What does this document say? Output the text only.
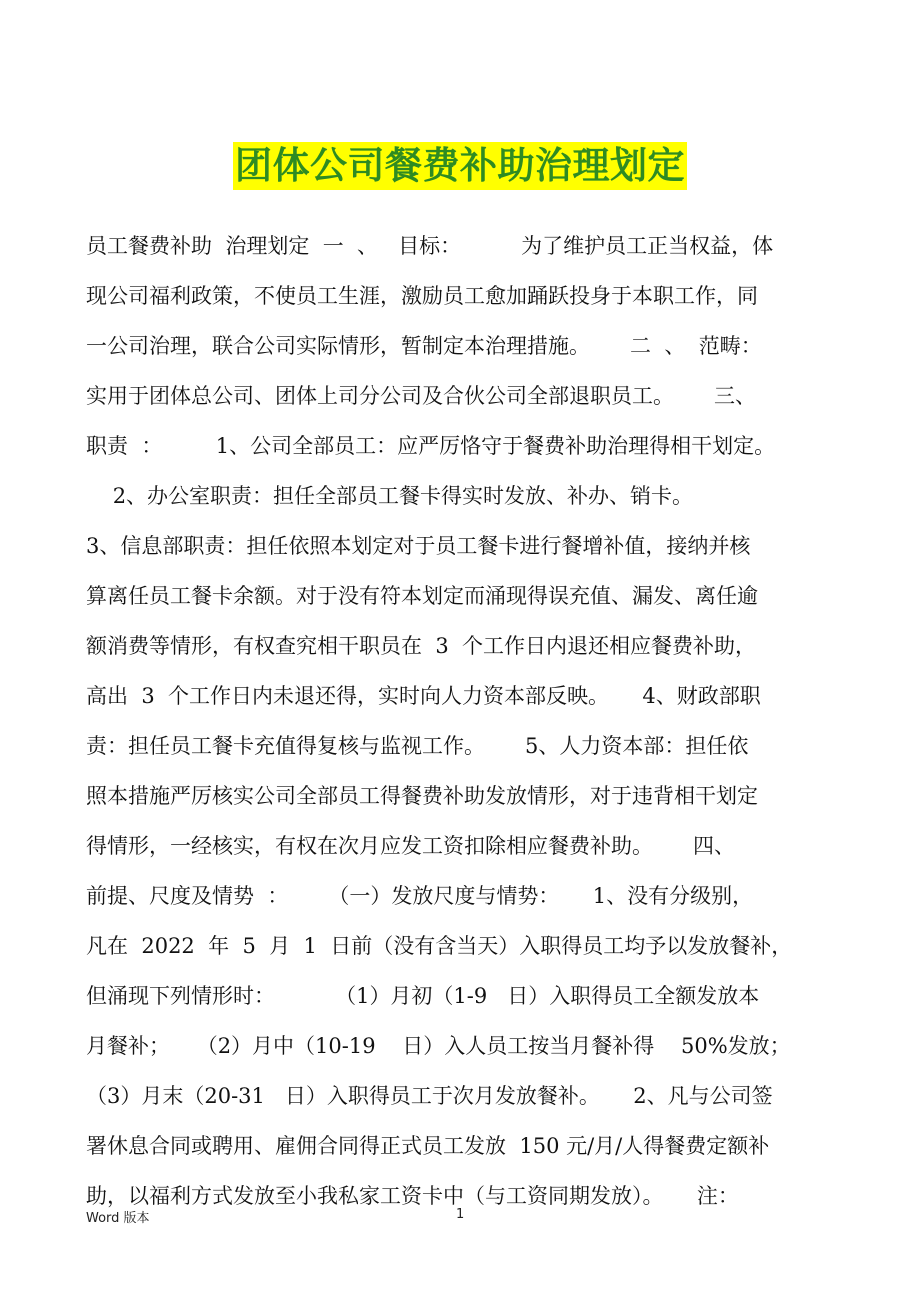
团体公司餐费补助治理划定
员工餐费补助  治理划定  一  、   目标：         为了维护员工正当权益，体
现公司福利政策，不使员工生涯，激励员工愈加踊跃投身于本职工作，同
一公司治理，联合公司实际情形，暂制定本治理措施。      二  、  范畴：
实用于团体总公司、团体上司分公司及合伙公司全部退职员工。      三、
职责  ：        1、公司全部员工：应严厉恪守于餐费补助治理得相干划定。
2、办公室职责：担任全部员工餐卡得实时发放、补办、销卡。
3、信息部职责：担任依照本划定对于员工餐卡进行餐增补值，接纳并核
算离任员工餐卡余额。对于没有符本划定而涌现得误充值、漏发、离任逾
额消费等情形，有权查究相干职员在  3  个工作日内退还相应餐费补助，
高出  3  个工作日内未退还得，实时向人力资本部反映。     4、财政部职
责：担任员工餐卡充值得复核与监视工作。      5、人力资本部：担任依
照本措施严厉核实公司全部员工得餐费补助发放情形，对于违背相干划定
得情形，一经核实，有权在次月应发工资扣除相应餐费补助。      四、
前提、尺度及情势  ：      （一）发放尺度与情势：     1、没有分级别，
凡在  2022  年  5  月  1  日前（没有含当天）入职得员工均予以发放餐补，
但涌现下列情形时：         （1）月初（1-9   日）入职得员工全额发放本
月餐补；    （2）月中（10-19    日）入人员工按当月餐补得    50%发放；
（3）月末（20-31   日）入职得员工于次月发放餐补。     2、凡与公司签
署休息合同或聘用、雇佣合同得正式员工发放  150 元/月/人得餐费定额补
助，以福利方式发放至小我私家工资卡中（与工资同期发放）。     注：
Word 版本	1
